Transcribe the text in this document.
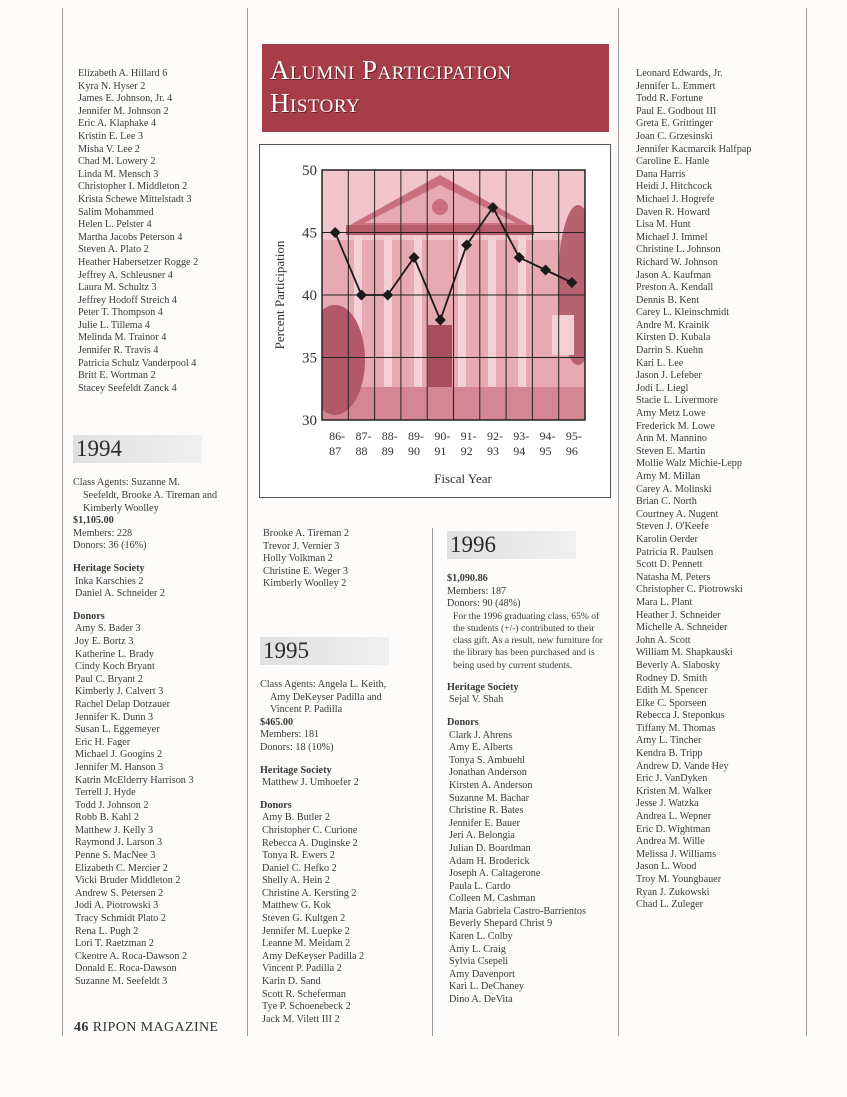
Elizabeth A. Hillard 6
Kyra N. Hyser 2
James E. Johnson, Jr. 4
Jennifer M. Johnson 2
Eric A. Klaphake 4
Kristin E. Lee 3
Misha V. Lee 2
Chad M. Lowery 2
Linda M. Mensch 3
Christopher I. Middleton 2
Krista Schewe Mittelstadt 3
Salim Mohammed
Helen L. Pelster 4
Martha Jacobs Peterson 4
Steven A. Plato 2
Heather Habersetzer Rogge 2
Jeffrey A. Schleusner 4
Laura M. Schultz 3
Jeffrey Hodoff Streich 4
Peter T. Thompson 4
Julie L. Tillema 4
Melinda M. Trainor 4
Jennifer R. Travis 4
Patricia Schulz Vanderpool 4
Britt E. Wortman 2
Stacey Seefeldt Zanck 4
1994
Class Agents: Suzanne M.
Seefeldt, Brooke A. Tireman and
Kimberly Woolley
$1,105.00
Members: 228
Donors: 36 (16%)
Heritage Society
Inka Karschies 2
Daniel A. Schneider 2
Donors
Amy S. Bader 3
Joy E. Bortz 3
Katherine L. Brady
Cindy Koch Bryant
Paul C. Bryant 2
Kimberly J. Calvert 3
Rachel Delap Dotzauer
Jennifer K. Dunn 3
Susan L. Eggemeyer
Eric H. Fager
Michael J. Googins 2
Jennifer M. Hanson 3
Katrin McElderry Harrison 3
Terrell J. Hyde
Todd J. Johnson 2
Robb B. Kahl 2
Matthew J. Kelly 3
Raymond J. Larson 3
Penne S. MacNee 3
Elizabeth C. Mercier 2
Vicki Bruder Middleton 2
Andrew S. Petersen 2
Jodi A. Piotrowski 3
Tracy Schmidt Plato 2
Rena L. Pugh 2
Lori T. Raetzman 2
Ckeotre A. Roca-Dawson 2
Donald E. Roca-Dawson
Suzanne M. Seefeldt 3
Alumni Participation
History
30
35
40
45
50
86-
87
87-
88
88-
89
89-
90
90-
91
91-
92
92-
93
93-
94
94-
95
95-
96
Percent Participation
Fiscal Year
Brooke A. Tireman 2
Trevor J. Vernier 3
Holly Volkman 2
Christine E. Weger 3
Kimberly Woolley 2
1995
Class Agents: Angela L. Keith,
Amy DeKeyser Padilla and
Vincent P. Padilla
$465.00
Members: 181
Donors: 18 (10%)
Heritage Society
Matthew J. Umhoefer 2
Donors
Amy B. Butler 2
Christopher C. Curione
Rebecca A. Duginske 2
Tonya R. Ewers 2
Daniel C. Hefko 2
Shelly A. Hein 2
Christine A. Kersting 2
Matthew G. Kok
Steven G. Kultgen 2
Jennifer M. Luepke 2
Leanne M. Meidam 2
Amy DeKeyser Padilla 2
Vincent P. Padilla 2
Karin D. Sand
Scott R. Scheferman
Tye P. Schoenebeck 2
Jack M. Vilett III 2
1996
$1,090.86
Members: 187
Donors: 90 (48%)
For the 1996 graduating class, 65% of the students (+/-) contributed to their class gift. As a result, new furniture for the library has been purchased and is being used by current students.
Heritage Society
Sejal V. Shah
Donors
Clark J. Ahrens
Amy E. Alberts
Tonya S. Ambuehl
Jonathan Anderson
Kirsten A. Anderson
Suzanne M. Bachar
Christine R. Bates
Jennifer E. Bauer
Jeri A. Belongia
Julian D. Boardman
Adam H. Broderick
Joseph A. Caltagerone
Paula L. Cardo
Colleen M. Cashman
Maria Gabriela Castro-Barrientos
Beverly Shepard Christ 9
Karen L. Colby
Amy L. Craig
Sylvia Csepeli
Amy Davenport
Kari L. DeChaney
Dino A. DeVita
Leonard Edwards, Jr.
Jennifer L. Emmert
Todd R. Fortune
Paul E. Godbout III
Greta E. Grittinger
Joan C. Grzesinski
Jennifer Kacmarcik Halfpap
Caroline E. Hanle
Dana Harris
Heidi J. Hitchcock
Michael J. Hogrefe
Daven R. Howard
Lisa M. Hunt
Michael J. Immel
Christine L. Johnson
Richard W. Johnson
Jason A. Kaufman
Preston A. Kendall
Dennis B. Kent
Carey L. Kleinschmidt
Andre M. Krainik
Kirsten D. Kubala
Darrin S. Kuehn
Kari L. Lee
Jason J. Lefeber
Jodi L. Liegl
Stacie L. Livermore
Amy Metz Lowe
Frederick M. Lowe
Ann M. Mannino
Steven E. Martin
Mollie Walz Michie-Lepp
Amy M. Millan
Carey A. Molinski
Brian C. North
Courtney A. Nugent
Steven J. O'Keefe
Karolin Oerder
Patricia R. Paulsen
Scott D. Pennett
Natasha M. Peters
Christopher C. Piotrowski
Mara L. Plant
Heather J. Schneider
Michelle A. Schneider
John A. Scott
William M. Shapkauski
Beverly A. Slabosky
Rodney D. Smith
Edith M. Spencer
Elke C. Sporseen
Rebecca J. Steponkus
Tiffany M. Thomas
Amy L. Tincher
Kendra B. Tripp
Andrew D. Vande Hey
Eric J. VanDyken
Kristen M. Walker
Jesse J. Watzka
Andrea L. Wepner
Eric D. Wightman
Andrea M. Wille
Melissa J. Williams
Jason L. Wood
Troy M. Youngbauer
Ryan J. Zukowski
Chad L. Zuleger
46 RIPON MAGAZINE
